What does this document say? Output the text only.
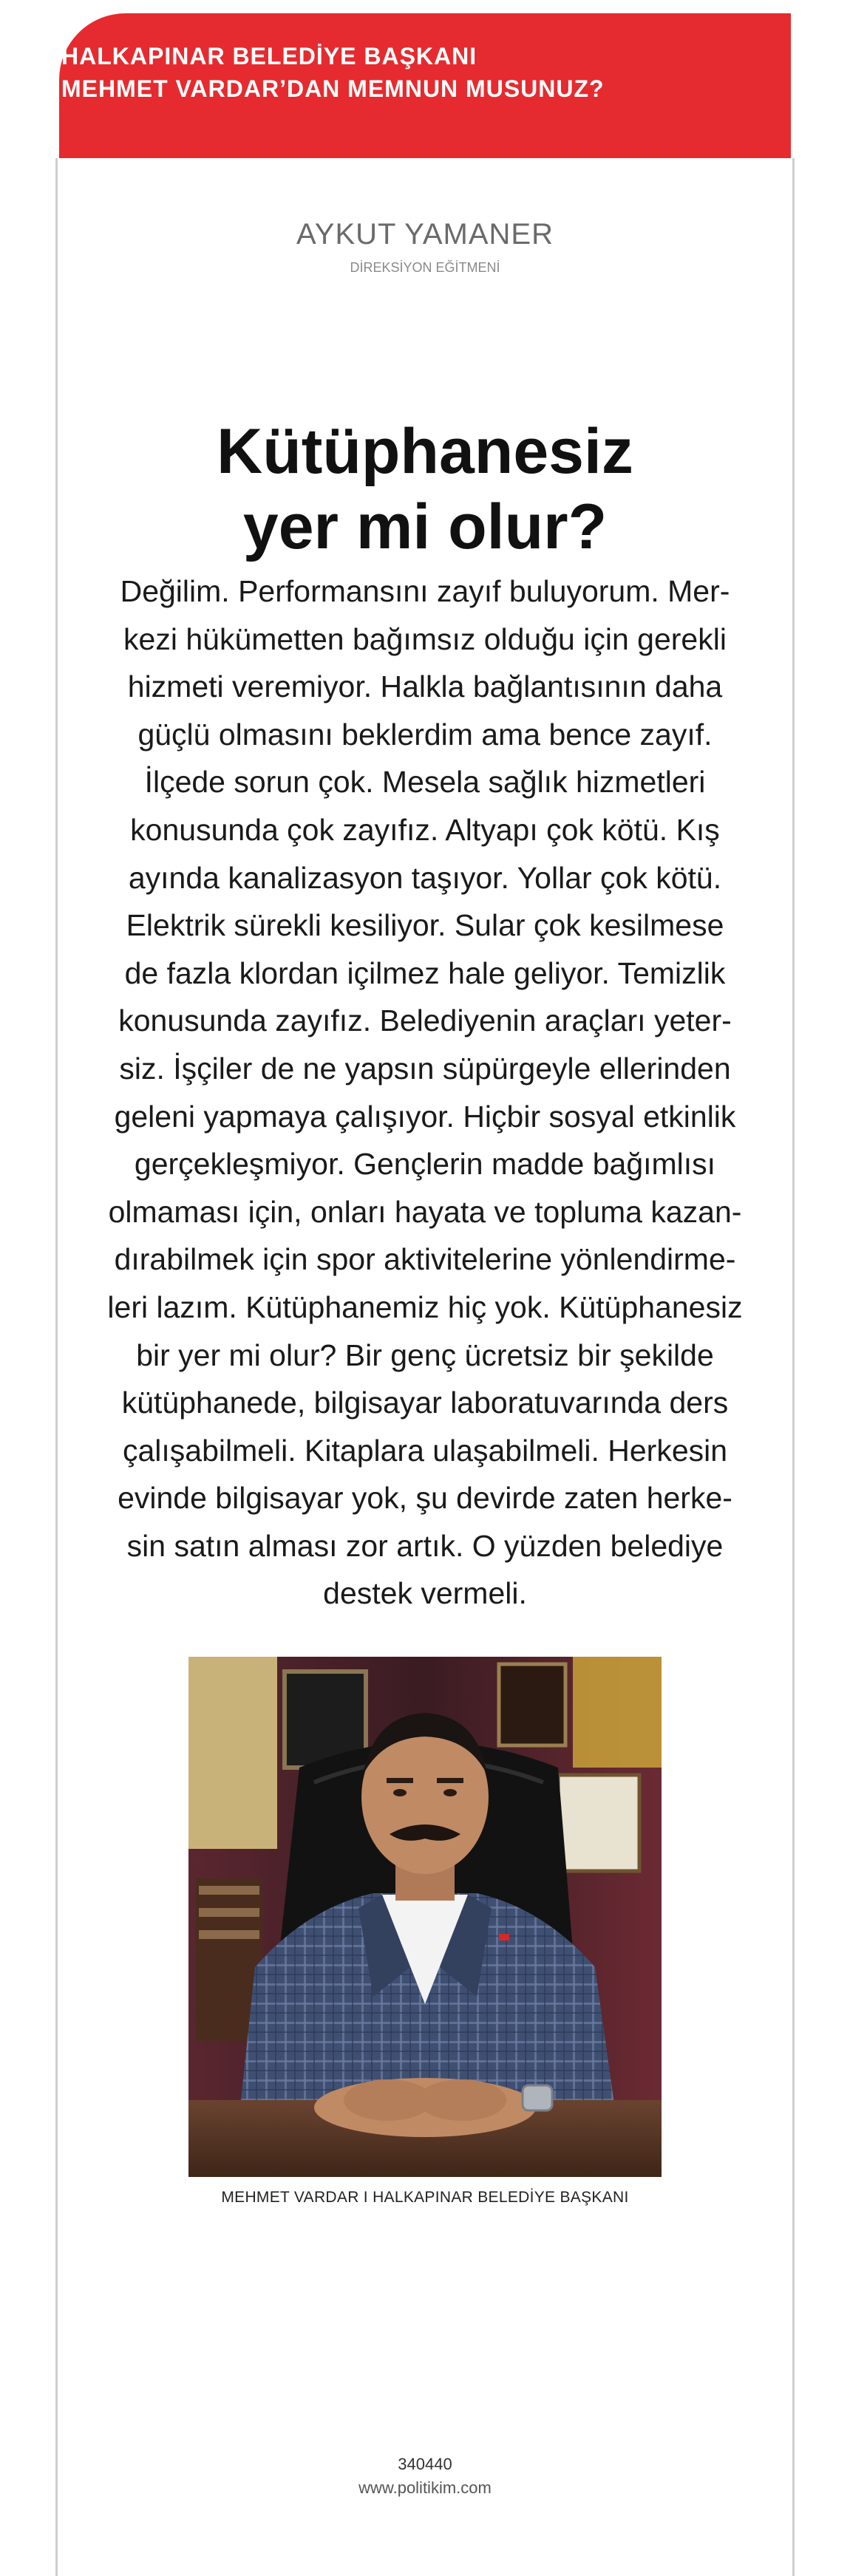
HALKAPINAR BELEDİYE BAŞKANI
MEHMET VARDAR’DAN MEMNUN MUSUNUZ?
AYKUT YAMANER
DİREKSİYON EĞİTMENİ
Kütüphanesiz
yer mi olur?

Değilim. Performansını zayıf buluyorum. Mer-
kezi hükümetten bağımsız olduğu için gerekli
hizmeti veremiyor. Halkla bağlantısının daha
güçlü olmasını beklerdim ama bence zayıf.
İlçede sorun çok. Mesela sağlık hizmetleri
konusunda çok zayıfız. Altyapı çok kötü. Kış
ayında kanalizasyon taşıyor. Yollar çok kötü.
Elektrik sürekli kesiliyor. Sular çok kesilmese
de fazla klordan içilmez hale geliyor. Temizlik
konusunda zayıfız. Belediyenin araçları yeter-
siz. İşçiler de ne yapsın süpürgeyle ellerinden
geleni yapmaya çalışıyor. Hiçbir sosyal etkinlik
gerçekleşmiyor. Gençlerin madde bağımlısı
olmaması için, onları hayata ve topluma kazan-
dırabilmek için spor aktivitelerine yönlendirme-
leri lazım. Kütüphanemiz hiç yok. Kütüphanesiz
bir yer mi olur? Bir genç ücretsiz bir şekilde
kütüphanede, bilgisayar laboratuvarında ders
çalışabilmeli. Kitaplara ulaşabilmeli. Herkesin
evinde bilgisayar yok, şu devirde zaten herke-
sin satın alması zor artık. O yüzden belediye
destek vermeli.

MEHMET VARDAR I HALKAPINAR BELEDİYE BAŞKANI
340440
www.politikim.com
